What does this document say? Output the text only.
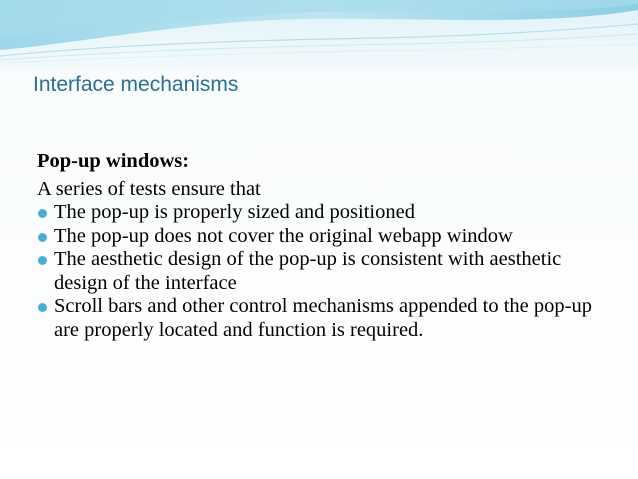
Interface mechanisms

Pop-up windows:

A series of tests ensure that

The pop-up is properly sized and positioned
The pop-up does not cover the original webapp window
The aesthetic design of the pop-up is consistent with aesthetic design of the interface
Scroll bars and other control mechanisms appended to the pop-up are properly located and function is required.
